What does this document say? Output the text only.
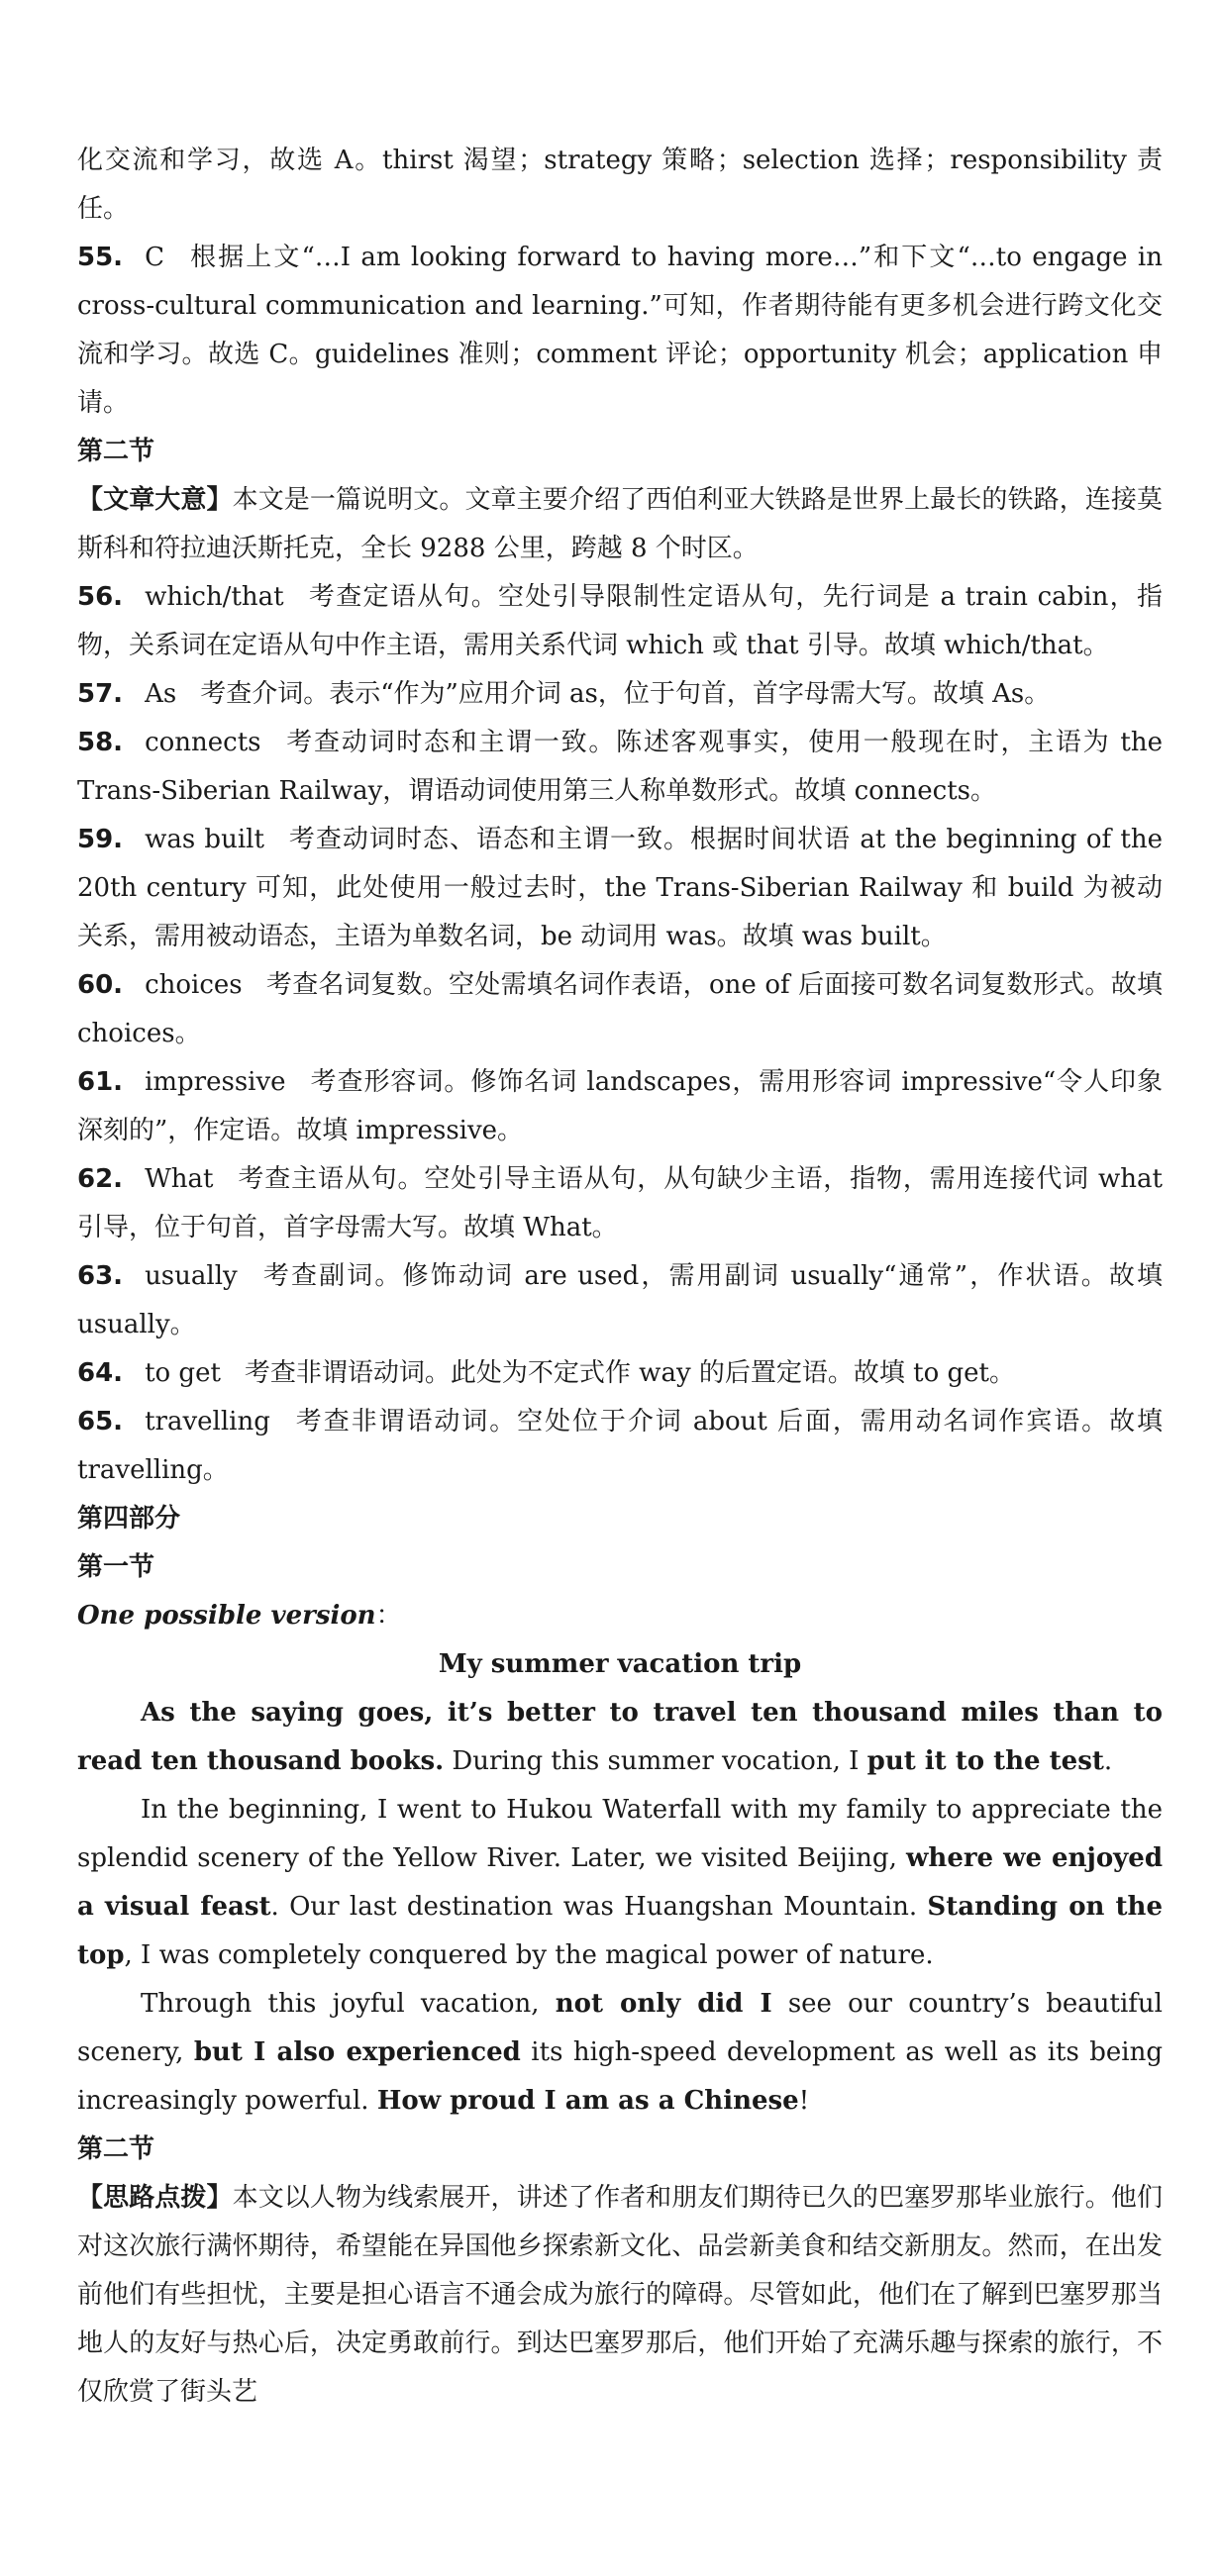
化交流和学习，故选 A。thirst 渴望；strategy 策略；selection 选择；responsibility 责任。

55. C 根据上文“…I am looking forward to having more…”和下文“…to engage in cross-cultural communication and learning.”可知，作者期待能有更多机会进行跨文化交流和学习。故选 C。guidelines 准则；comment 评论；opportunity 机会；application 申请。

第二节

【文章大意】本文是一篇说明文。文章主要介绍了西伯利亚大铁路是世界上最长的铁路，连接莫斯科和符拉迪沃斯托克，全长 9288 公里，跨越 8 个时区。

56. which/that 考查定语从句。空处引导限制性定语从句，先行词是 a train cabin，指物，关系词在定语从句中作主语，需用关系代词 which 或 that 引导。故填 which/that。

57. As 考查介词。表示“作为”应用介词 as，位于句首，首字母需大写。故填 As。

58. connects 考查动词时态和主谓一致。陈述客观事实，使用一般现在时，主语为 the Trans-Siberian Railway，谓语动词使用第三人称单数形式。故填 connects。

59. was built 考查动词时态、语态和主谓一致。根据时间状语 at the beginning of the 20th century 可知，此处使用一般过去时，the Trans-Siberian Railway 和 build 为被动关系，需用被动语态，主语为单数名词，be 动词用 was。故填 was built。

60. choices 考查名词复数。空处需填名词作表语，one of 后面接可数名词复数形式。故填 choices。

61. impressive 考查形容词。修饰名词 landscapes，需用形容词 impressive“令人印象深刻的”，作定语。故填 impressive。

62. What 考查主语从句。空处引导主语从句，从句缺少主语，指物，需用连接代词 what 引导，位于句首，首字母需大写。故填 What。

63. usually 考查副词。修饰动词 are used，需用副词 usually“通常”，作状语。故填 usually。

64. to get 考查非谓语动词。此处为不定式作 way 的后置定语。故填 to get。

65. travelling 考查非谓语动词。空处位于介词 about 后面，需用动名词作宾语。故填 travelling。

第四部分

第一节

One possible version：

My summer vacation trip

As the saying goes, it’s better to travel ten thousand miles than to read ten thousand books. During this summer vocation, I put it to the test.

In the beginning, I went to Hukou Waterfall with my family to appreciate the splendid scenery of the Yellow River. Later, we visited Beijing, where we enjoyed a visual feast. Our last destination was Huangshan Mountain. Standing on the top, I was completely conquered by the magical power of nature.

Through this joyful vacation, not only did I see our country’s beautiful scenery, but I also experienced its high-speed development as well as its being increasingly powerful. How proud I am as a Chinese!

第二节

【思路点拨】本文以人物为线索展开，讲述了作者和朋友们期待已久的巴塞罗那毕业旅行。他们对这次旅行满怀期待，希望能在异国他乡探索新文化、品尝新美食和结交新朋友。然而，在出发前他们有些担忧，主要是担心语言不通会成为旅行的障碍。尽管如此，他们在了解到巴塞罗那当地人的友好与热心后，决定勇敢前行。到达巴塞罗那后，他们开始了充满乐趣与探索的旅行，不仅欣赏了街头艺
